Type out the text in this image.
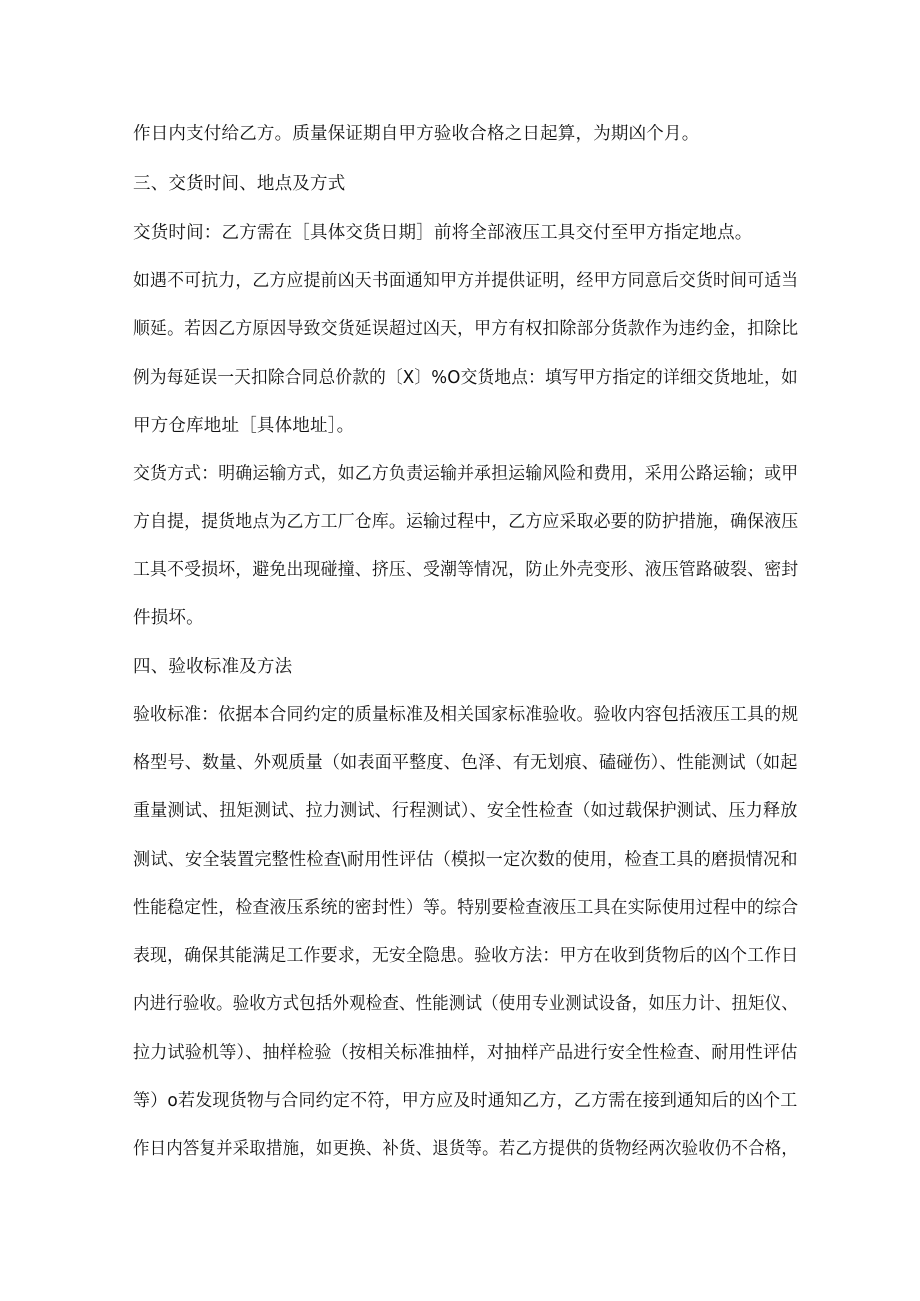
作日内支付给乙方。质量保证期自甲方验收合格之日起算，为期凶个月。
三、交货时间、地点及方式
交货时间：乙方需在［具体交货日期］前将全部液压工具交付至甲方指定地点。
如遇不可抗力，乙方应提前凶天书面通知甲方并提供证明，经甲方同意后交货时间可适当
顺延。若因乙方原因导致交货延误超过凶天，甲方有权扣除部分货款作为违约金，扣除比
例为每延误一天扣除合同总价款的〔X〕%O交货地点：填写甲方指定的详细交货地址，如
甲方仓库地址［具体地址］。
交货方式：明确运输方式，如乙方负责运输并承担运输风险和费用，采用公路运输；或甲
方自提，提货地点为乙方工厂仓库。运输过程中，乙方应采取必要的防护措施，确保液压
工具不受损坏，避免出现碰撞、挤压、受潮等情况，防止外壳变形、液压管路破裂、密封
件损坏。
四、验收标准及方法
验收标准：依据本合同约定的质量标准及相关国家标准验收。验收内容包括液压工具的规
格型号、数量、外观质量（如表面平整度、色泽、有无划痕、磕碰伤）、性能测试（如起
重量测试、扭矩测试、拉力测试、行程测试）、安全性检查（如过载保护测试、压力释放
测试、安全装置完整性检查\耐用性评估（模拟一定次数的使用，检查工具的磨损情况和
性能稳定性，检查液压系统的密封性）等。特别要检查液压工具在实际使用过程中的综合
表现，确保其能满足工作要求，无安全隐患。验收方法：甲方在收到货物后的凶个工作日
内进行验收。验收方式包括外观检查、性能测试（使用专业测试设备，如压力计、扭矩仪、
拉力试验机等）、抽样检验（按相关标准抽样，对抽样产品进行安全性检查、耐用性评估
等）o若发现货物与合同约定不符，甲方应及时通知乙方，乙方需在接到通知后的凶个工
作日内答复并采取措施，如更换、补货、退货等。若乙方提供的货物经两次验收仍不合格，
